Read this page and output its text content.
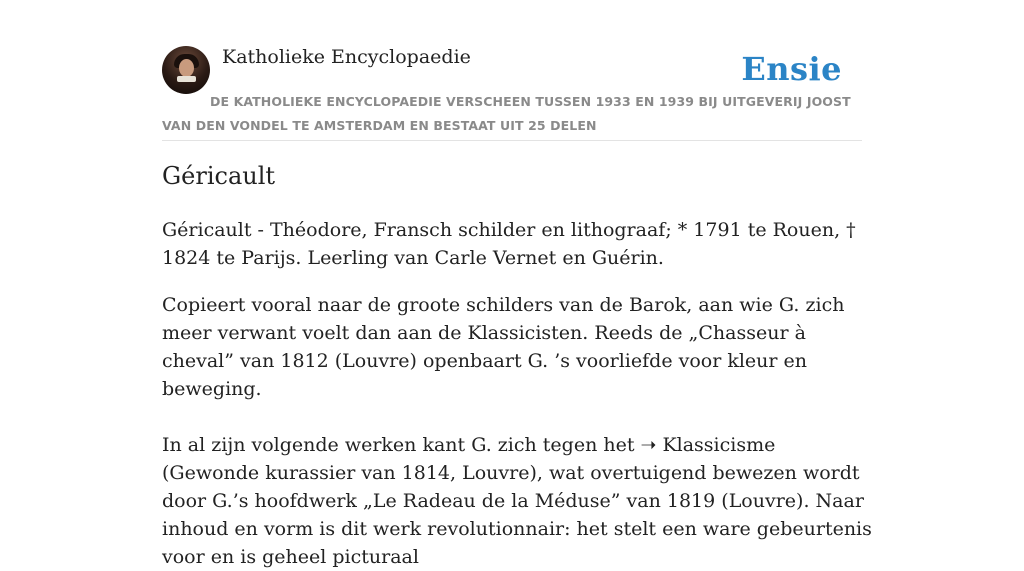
Katholieke Encyclopaedie	Ensie
DE KATHOLIEKE ENCYCLOPAEDIE VERSCHEEN TUSSEN 1933 EN 1939 BIJ UITGEVERIJ JOOST VAN DEN VONDEL TE AMSTERDAM EN BESTAAT UIT 25 DELEN
Géricault

Géricault - Théodore, Fransch schilder en lithograaf; * 1791 te Rouen, † 1824 te Parijs. Leerling van Carle Vernet en Guérin.

Copieert vooral naar de groote schilders van de Barok, aan wie G. zich meer verwant voelt dan aan de Klassicisten. Reeds de „Chasseur à cheval” van 1812 (Louvre) openbaart G. ’s voorliefde voor kleur en beweging.

In al zijn volgende werken kant G. zich tegen het ➝ Klassicisme (Gewonde kurassier van 1814, Louvre), wat overtuigend bewezen wordt door G.’s hoofdwerk „Le Radeau de la Méduse” van 1819 (Louvre). Naar inhoud en vorm is dit werk revolutionnair: het stelt een ware gebeurtenis voor en is geheel picturaal
